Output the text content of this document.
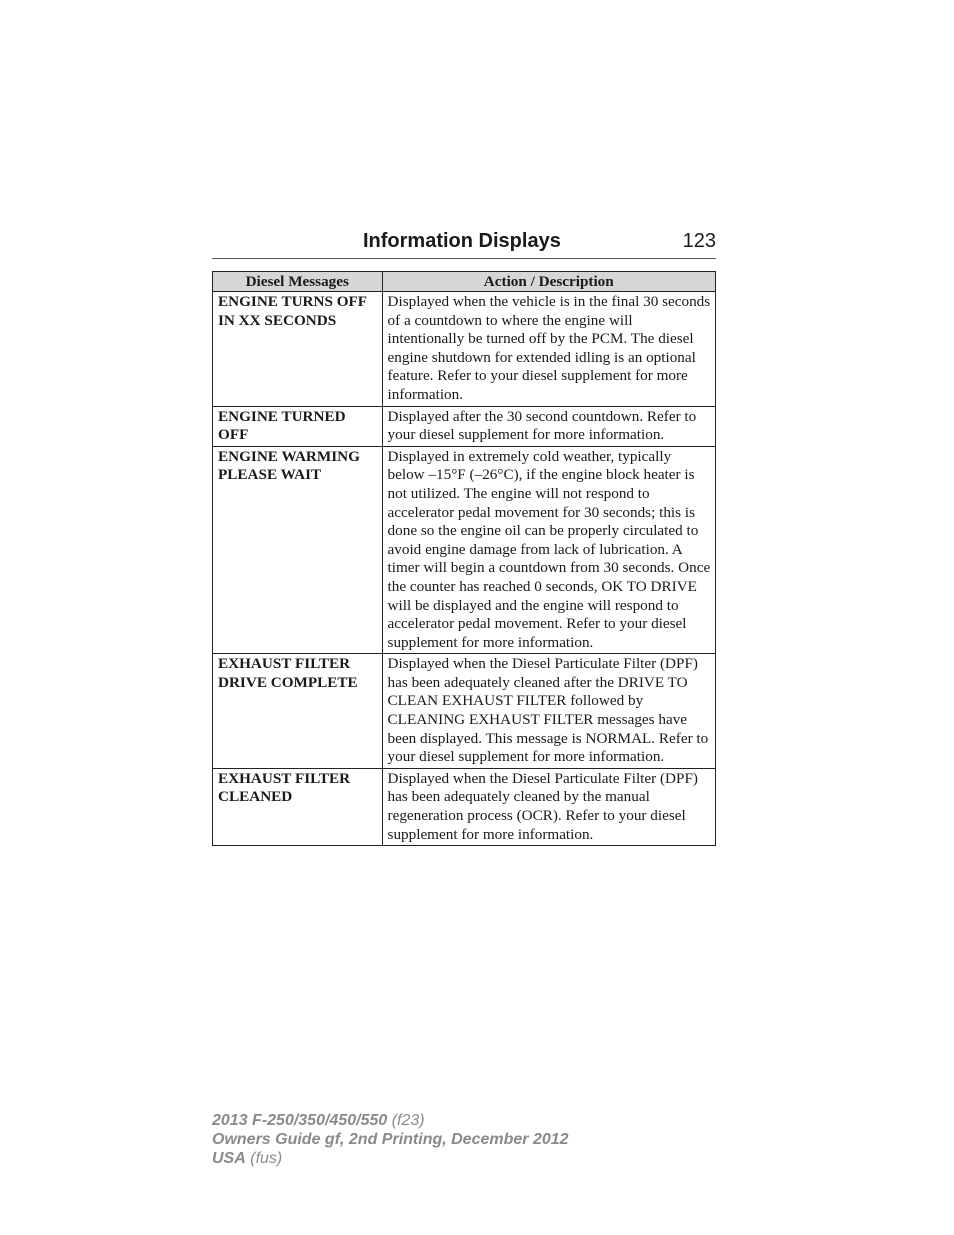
Information Displays	123
Diesel Messages	Action / Description
ENGINE TURNS OFF IN XX SECONDS	Displayed when the vehicle is in the final 30 seconds of a countdown to where the engine will intentionally be turned off by the PCM. The diesel engine shutdown for extended idling is an optional feature. Refer to your diesel supplement for more information.
ENGINE TURNED OFF	Displayed after the 30 second countdown. Refer to your diesel supplement for more information.
ENGINE WARMING PLEASE WAIT	Displayed in extremely cold weather, typically below –15°F (–26°C), if the engine block heater is not utilized. The engine will not respond to accelerator pedal movement for 30 seconds; this is done so the engine oil can be properly circulated to avoid engine damage from lack of lubrication. A timer will begin a countdown from 30 seconds. Once the counter has reached 0 seconds, OK TO DRIVE will be displayed and the engine will respond to accelerator pedal movement. Refer to your diesel supplement for more information.
EXHAUST FILTER DRIVE COMPLETE	Displayed when the Diesel Particulate Filter (DPF) has been adequately cleaned after the DRIVE TO CLEAN EXHAUST FILTER followed by CLEANING EXHAUST FILTER messages have been displayed. This message is NORMAL. Refer to your diesel supplement for more information.
EXHAUST FILTER CLEANED	Displayed when the Diesel Particulate Filter (DPF) has been adequately cleaned by the manual regeneration process (OCR). Refer to your diesel supplement for more information.
2013 F-250/350/450/550 (f23)
Owners Guide gf, 2nd Printing, December 2012
USA (fus)
